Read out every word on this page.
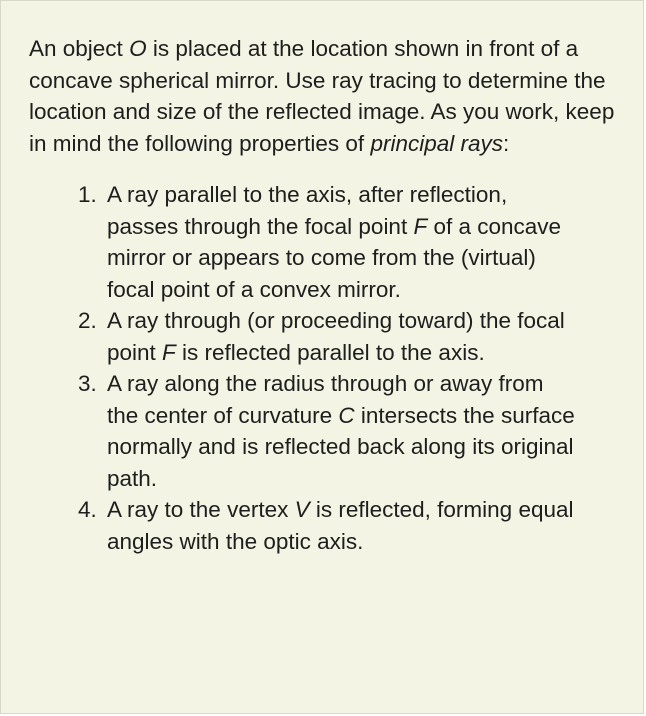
An object O is placed at the location shown in front of a concave spherical mirror. Use ray tracing to determine the location and size of the reflected image. As you work, keep in mind the following properties of principal rays:

1. A ray parallel to the axis, after reflection, passes through the focal point F of a concave mirror or appears to come from the (virtual) focal point of a convex mirror.
2. A ray through (or proceeding toward) the focal point F is reflected parallel to the axis.
3. A ray along the radius through or away from the center of curvature C intersects the surface normally and is reflected back along its original path.
4. A ray to the vertex V is reflected, forming equal angles with the optic axis.
